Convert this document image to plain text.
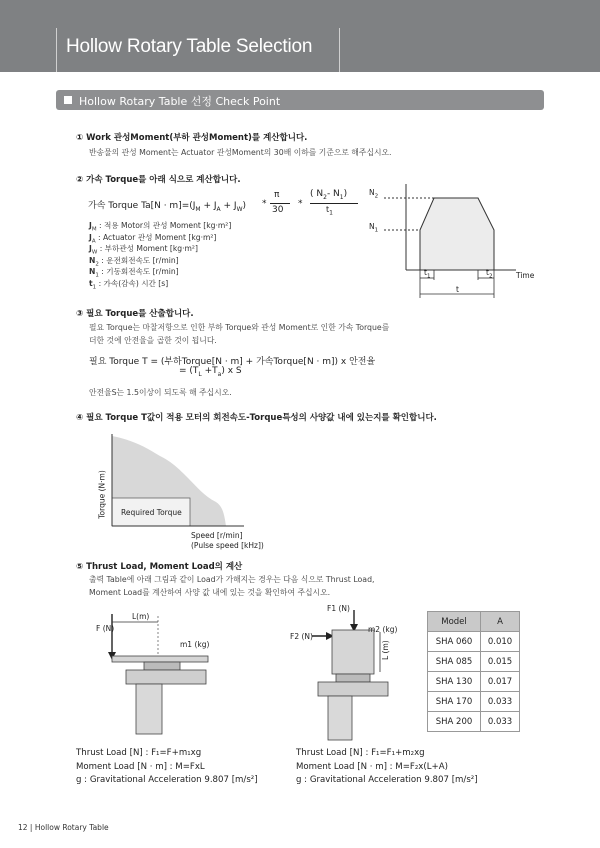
Hollow Rotary Table Selection
Hollow Rotary Table 선정 Check Point
① Work 관성Moment(부하 관성Moment)를 계산합니다.
반송물의 관성 Moment는 Actuator 관성Moment의 30배 이하를 기준으로 해주십시오.
② 가속 Torque를 아래 식으로 계산합니다.
가속 Torque $Ta[N \cdot m]=(J_M + J_A + J_W)$ *
π
30
*
( $N_2-$ $N_1$)
$t_1$
$J_M$ : 적용 Motor의 관성 Moment [kg·m²]
$J_A$ : Actuator 관성 Moment [kg·m²]
$J_W$ : 부하관성 Moment [kg·m²]
$N_2$ : 운전회전속도 [r/min]
$N_1$ : 기동회전속도 [r/min]
$t_1$ : 가속(감속) 시간 [s]
$N_2$
$N_1$
$t_1$	$t_2$
t
Time
③ 필요 Torque를 산출합니다.
필요 Torque는 마찰저항으로 인한 부하 Torque와 관성 Moment로 인한 가속 Torque를
더한 것에 안전율을 곱한 것이 됩니다.
필요 Torque T = (부하Torque[N · m] + 가속Torque[N · m]) x 안전율
= $(T_L +T_a)$ x S
안전율S는 1.5이상이 되도록 해 주십시오.
④ 필요 Torque T값이 적용 모터의 회전속도-Torque특성의 사양값 내에 있는지를 확인합니다.
Torque (N·m) Required Torque
Speed [r/min]
(Pulse speed [kHz])
⑤ Thrust Load, Moment Load의 계산
출력 Table에 아래 그림과 같이 Load가 가해지는 경우는 다음 식으로 Thrust Load,
Moment Load를 계산하여 사양 값 내에 있는 것을 확인하여 주십시오.
L(m)
F (N)
m1 (kg)
F1 (N)
F2 (N)
m2 (kg)
L (m)
Model	A
SHA 060	0.010
SHA 085	0.015
SHA 130	0.017
SHA 170	0.033
SHA 200	0.033
Thrust Load [N] : F₁=F+m₁xg
Moment Load [N · m] : M=FxL
g : Gravitational Acceleration 9.807 [m/s²]
Thrust Load [N] : F₁=F₁+m₂xg
Moment Load [N · m] : M=F₂x(L+A)
g : Gravitational Acceleration 9.807 [m/s²]
12 | Hollow Rotary Table
